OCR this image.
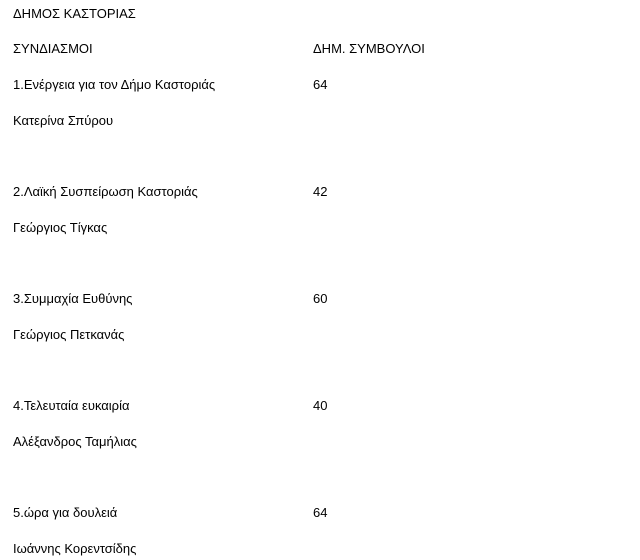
ΔΗΜΟΣ ΚΑΣΤΟΡΙΑΣ
ΣΥΝΔΙΑΣΜΟΙ	ΔΗΜ. ΣΥΜΒΟΥΛΟΙ
1.Ενέργεια για τον Δήμο Καστοριάς	64
Κατερίνα Σπύρου
2.Λαϊκή Συσπείρωση Καστοριάς	42
Γεώργιος Τίγκας
3.Συμμαχία Ευθύνης	60
Γεώργιος Πετκανάς
4.Τελευταία ευκαιρία	40
Αλέξανδρος Ταμήλιας
5.ώρα για δουλειά	64
Ιωάννης Κορεντσίδης
